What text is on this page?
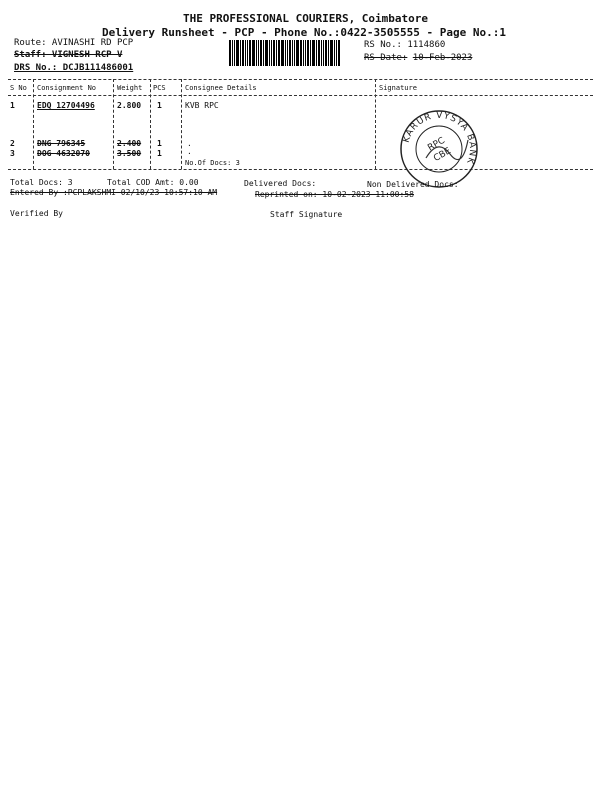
THE PROFESSIONAL COURIERS, Coimbatore
Delivery Runsheet - PCP - Phone No.:0422-3505555 - Page No.:1
Route: AVINASHI RD PCP
Staff: VIGNESH RCP V
DRS No.: DCJB111486001
RS No.: 1114860
RS Date: 10-Feb-2023
S No Consignment No	Weight PCS	Consignee Details	Signature
1	EDQ 12704496	2.800 1	KVB RPC
2	DNG 796345	2.400 1	.
3	DOG 4632070	3.500 1	.
No.Of Docs: 3
KARUR VYSYA BANK
RPC
CBE
Total Docs: 3	Total COD Amt: 0.00	Delivered Docs:	Non Delivered Docs:
Entered By :PCPLAKSHMI 02/10/23 10:57:10 AM	Reprinted on: 10-02-2023 11:00:58
Verified By	Staff Signature
